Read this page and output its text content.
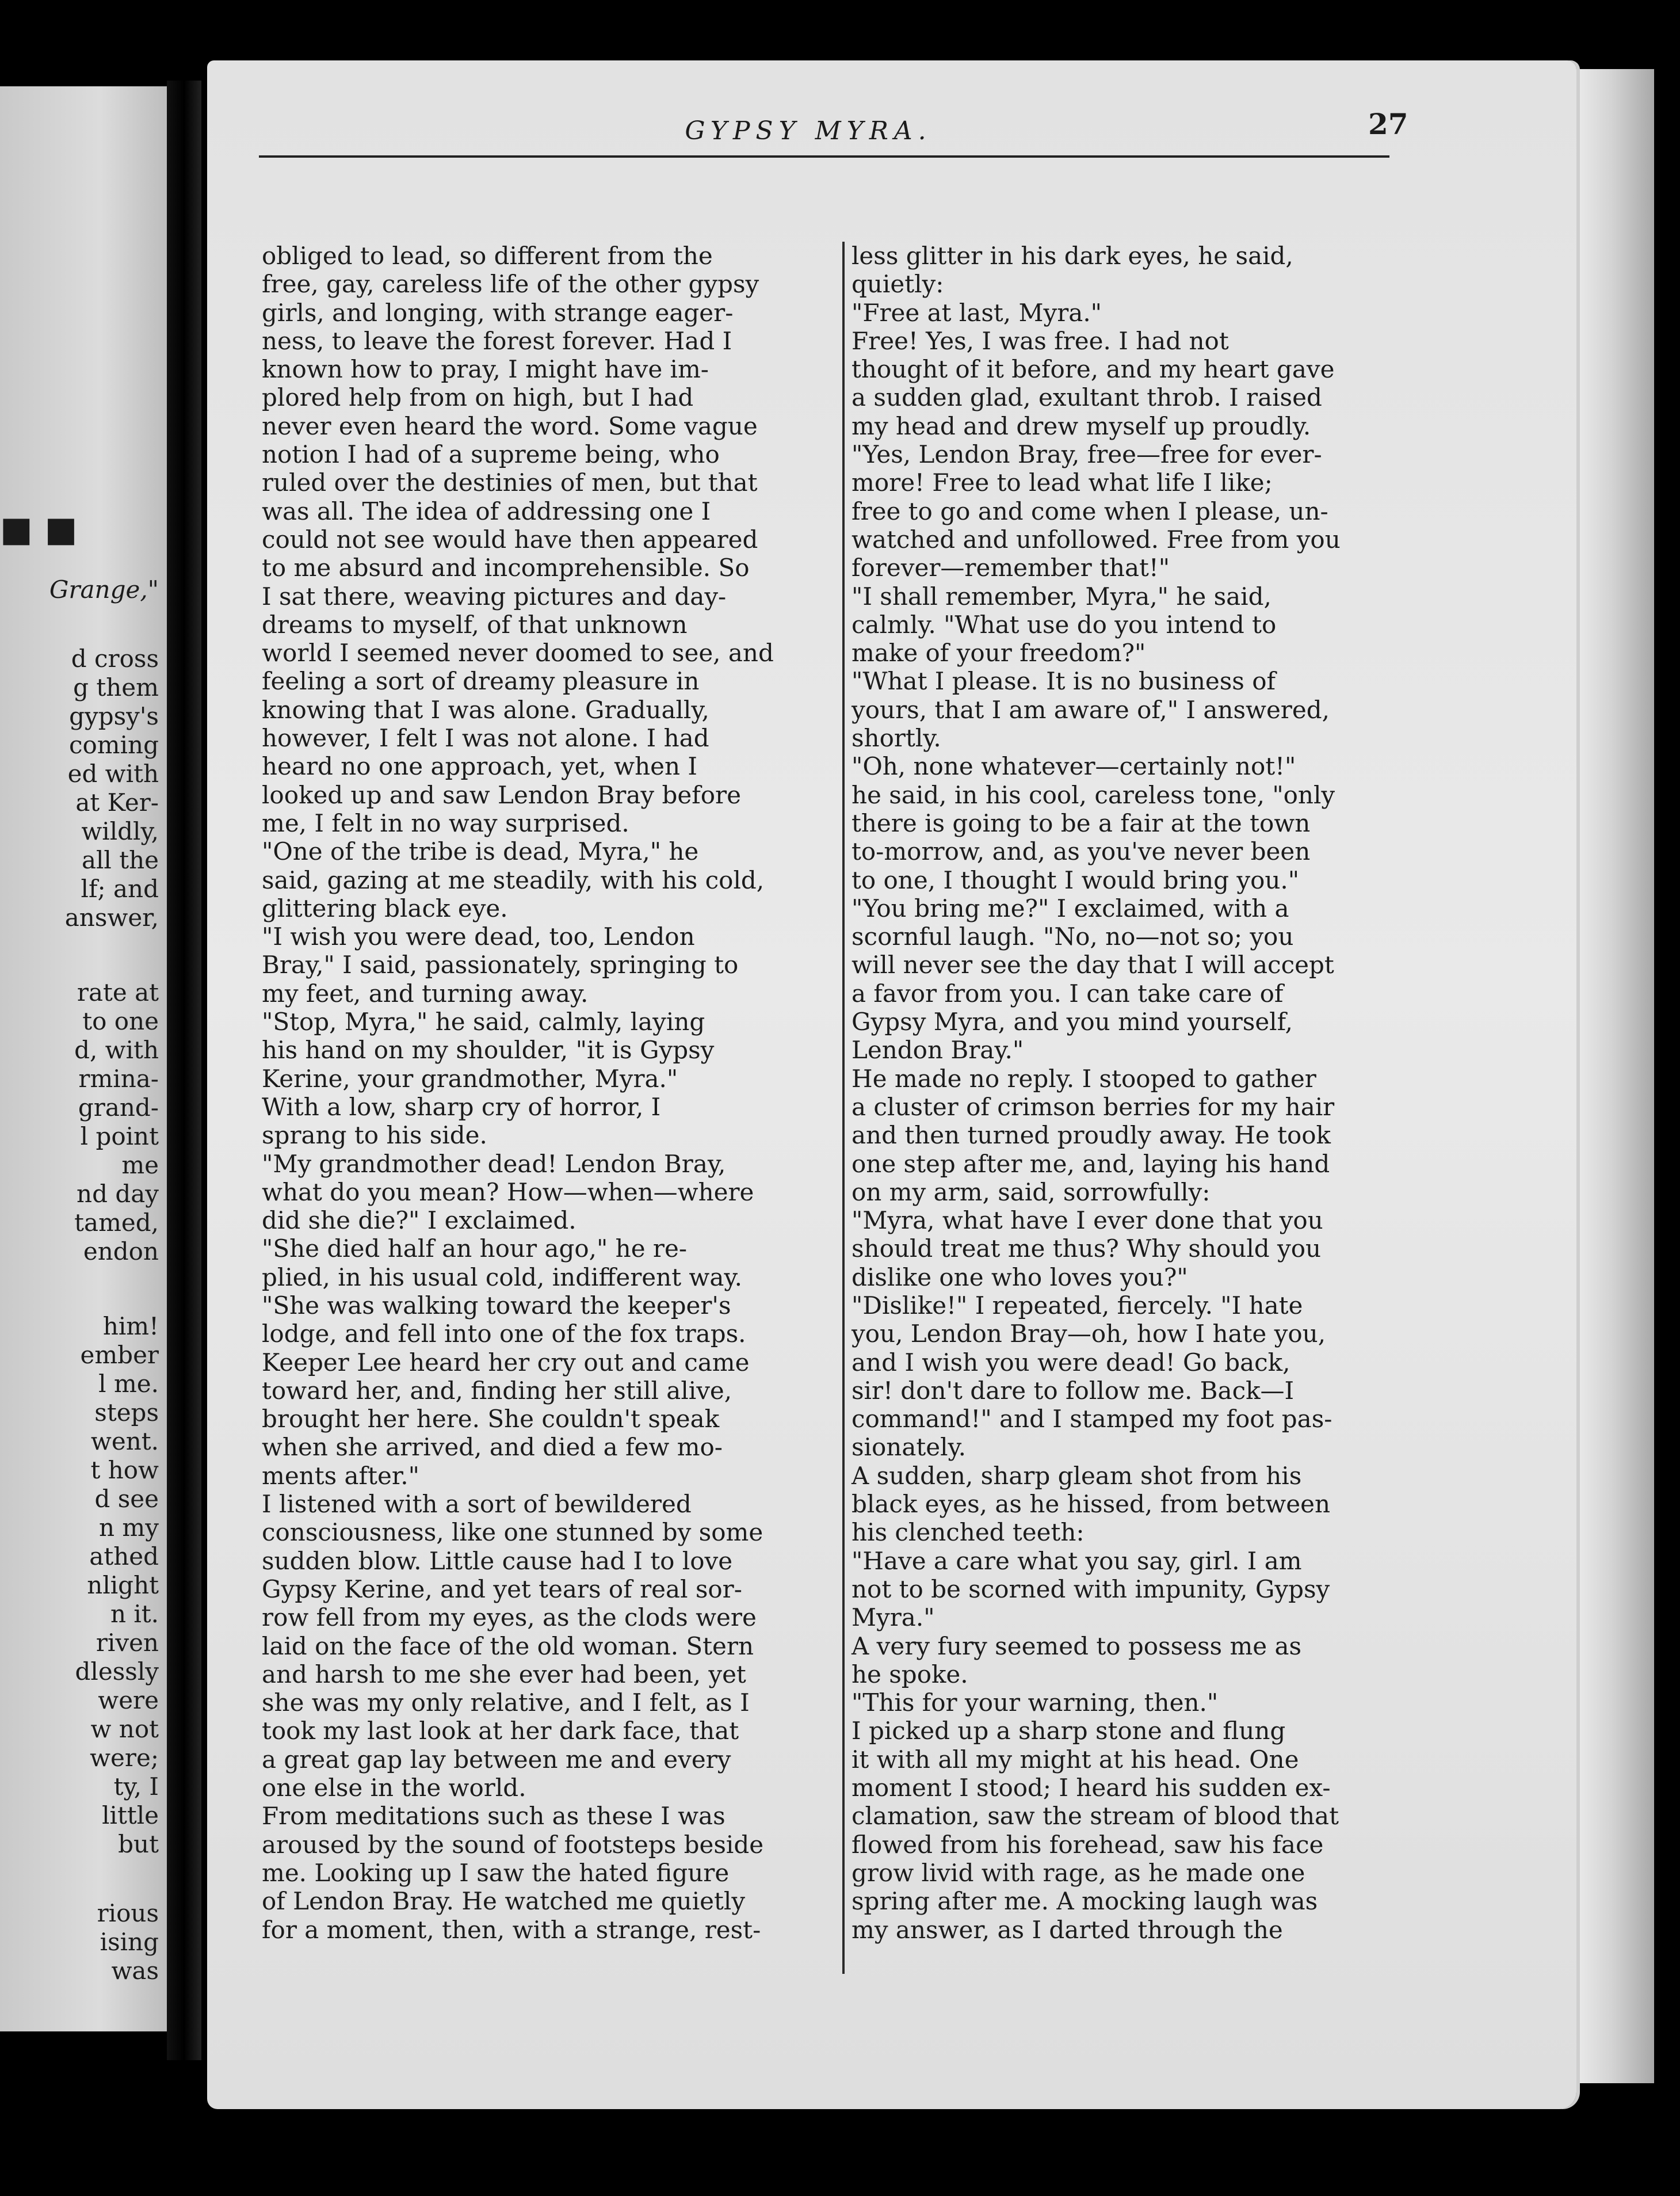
■ ■
Grange,"
d cross
g them
gypsy's
coming
ed with
at Ker-
wildly,
all the
lf; and
answer,
rate at
to one
d, with
rmina-
grand-
l point
me
nd day
tamed,
endon
him!
ember
l me.
steps
went.
t how
d see
n my
athed
nlight
n it.
riven
dlessly
were
w not
were;
ty, I
little
but
rious
ising
was
GYPSY MYRA.	27
obliged to lead, so different from the
free, gay, careless life of the other gypsy
girls, and longing, with strange eager-
ness, to leave the forest forever. Had I
known how to pray, I might have im-
plored help from on high, but I had
never even heard the word. Some vague
notion I had of a supreme being, who
ruled over the destinies of men, but that
was all. The idea of addressing one I
could not see would have then appeared
to me absurd and incomprehensible. So
I sat there, weaving pictures and day-
dreams to myself, of that unknown
world I seemed never doomed to see, and
feeling a sort of dreamy pleasure in
knowing that I was alone. Gradually,
however, I felt I was not alone. I had
heard no one approach, yet, when I
looked up and saw Lendon Bray before
me, I felt in no way surprised.
"One of the tribe is dead, Myra," he
said, gazing at me steadily, with his cold,
glittering black eye.
"I wish you were dead, too, Lendon
Bray," I said, passionately, springing to
my feet, and turning away.
"Stop, Myra," he said, calmly, laying
his hand on my shoulder, "it is Gypsy
Kerine, your grandmother, Myra."
With a low, sharp cry of horror, I
sprang to his side.
"My grandmother dead! Lendon Bray,
what do you mean? How—when—where
did she die?" I exclaimed.
"She died half an hour ago," he re-
plied, in his usual cold, indifferent way.
"She was walking toward the keeper's
lodge, and fell into one of the fox traps.
Keeper Lee heard her cry out and came
toward her, and, finding her still alive,
brought her here. She couldn't speak
when she arrived, and died a few mo-
ments after."
I listened with a sort of bewildered
consciousness, like one stunned by some
sudden blow. Little cause had I to love
Gypsy Kerine, and yet tears of real sor-
row fell from my eyes, as the clods were
laid on the face of the old woman. Stern
and harsh to me she ever had been, yet
she was my only relative, and I felt, as I
took my last look at her dark face, that
a great gap lay between me and every
one else in the world.
From meditations such as these I was
aroused by the sound of footsteps beside
me. Looking up I saw the hated figure
of Lendon Bray. He watched me quietly
for a moment, then, with a strange, rest-
less glitter in his dark eyes, he said,
quietly:
"Free at last, Myra."
Free! Yes, I was free. I had not
thought of it before, and my heart gave
a sudden glad, exultant throb. I raised
my head and drew myself up proudly.
"Yes, Lendon Bray, free—free for ever-
more! Free to lead what life I like;
free to go and come when I please, un-
watched and unfollowed. Free from you
forever—remember that!"
"I shall remember, Myra," he said,
calmly. "What use do you intend to
make of your freedom?"
"What I please. It is no business of
yours, that I am aware of," I answered,
shortly.
"Oh, none whatever—certainly not!"
he said, in his cool, careless tone, "only
there is going to be a fair at the town
to-morrow, and, as you've never been
to one, I thought I would bring you."
"You bring me?" I exclaimed, with a
scornful laugh. "No, no—not so; you
will never see the day that I will accept
a favor from you. I can take care of
Gypsy Myra, and you mind yourself,
Lendon Bray."
He made no reply. I stooped to gather
a cluster of crimson berries for my hair
and then turned proudly away. He took
one step after me, and, laying his hand
on my arm, said, sorrowfully:
"Myra, what have I ever done that you
should treat me thus? Why should you
dislike one who loves you?"
"Dislike!" I repeated, fiercely. "I hate
you, Lendon Bray—oh, how I hate you,
and I wish you were dead! Go back,
sir! don't dare to follow me. Back—I
command!" and I stamped my foot pas-
sionately.
A sudden, sharp gleam shot from his
black eyes, as he hissed, from between
his clenched teeth:
"Have a care what you say, girl. I am
not to be scorned with impunity, Gypsy
Myra."
A very fury seemed to possess me as
he spoke.
"This for your warning, then."
I picked up a sharp stone and flung
it with all my might at his head. One
moment I stood; I heard his sudden ex-
clamation, saw the stream of blood that
flowed from his forehead, saw his face
grow livid with rage, as he made one
spring after me. A mocking laugh was
my answer, as I darted through the
